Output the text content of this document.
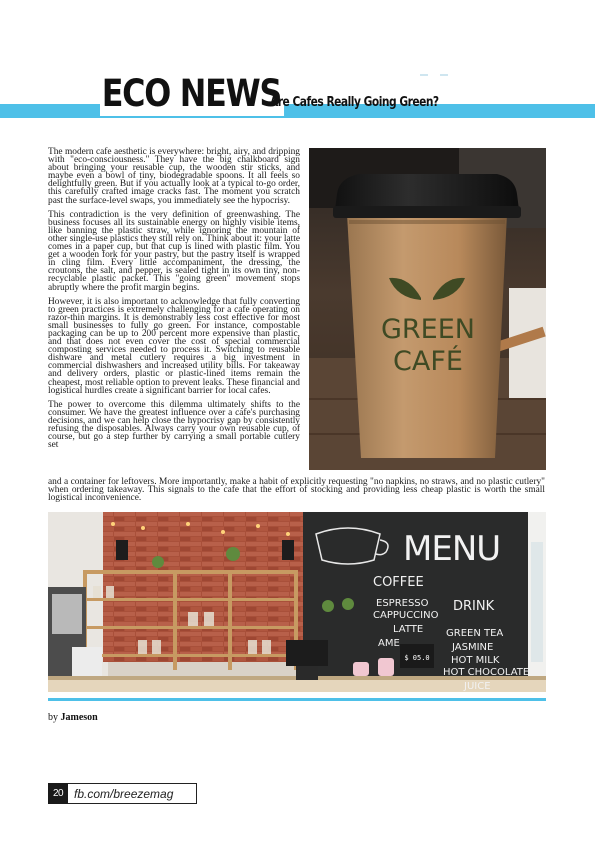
ECO NEWS
Are Cafes Really Going Green?

The modern cafe aesthetic is everywhere: bright, airy, and dripping with "eco-consciousness." They have the big chalkboard sign about bringing your reusable cup, the wooden stir sticks, and maybe even a bowl of tiny, biodegradable spoons. It all feels so delightfully green. But if you actually look at a typical to-go order, this carefully crafted image cracks fast. The moment you scratch past the surface-level swaps, you immediately see the hypocrisy.

This contradiction is the very definition of greenwashing. The business focuses all its sustainable energy on highly visible items, like banning the plastic straw, while ignoring the mountain of other single-use plastics they still rely on. Think about it: your latte comes in a paper cup, but that cup is lined with plastic film. You get a wooden fork for your pastry, but the pastry itself is wrapped in cling film. Every little accompaniment, the dressing, the croutons, the salt, and pepper, is sealed tight in its own tiny, non-recyclable plastic packet. This "going green" movement stops abruptly where the profit margin begins.

However, it is also important to acknowledge that fully converting to green practices is extremely challenging for a cafe operating on razor-thin margins. It is demonstrably less cost effective for most small businesses to fully go green. For instance, compostable packaging can be up to 200 percent more expensive than plastic, and that does not even cover the cost of special commercial composting services needed to process it. Switching to reusable dishware and metal cutlery requires a big investment in commercial dishwashers and increased utility bills. For takeaway and delivery orders, plastic or plastic-lined items remain the cheapest, most reliable option to prevent leaks. These financial and logistical hurdles create a significant barrier for local cafes.

The power to overcome this dilemma ultimately shifts to the consumer. We have the greatest influence over a cafe's purchasing decisions, and we can help close the hypocrisy gap by consistently refusing the disposables. Always carry your own reusable cup, of course, but go a step further by carrying a small portable cutlery set

and a container for leftovers. More importantly, make a habit of explicitly requesting "no napkins, no straws, and no plastic cutlery" when ordering takeaway. This signals to the cafe that the effort of stocking and providing less cheap plastic is worth the small logistical inconvenience.

GREEN
CAFÉ
$ 05.0
MENU
COFFEE
DRINK
ESPRESSO
CAPPUCCINO
LATTE
AME
GREEN TEA
JASMINE
HOT MILK
HOT CHOCOLATE
JUICE
by Jameson
20 fb.com/breezemag
